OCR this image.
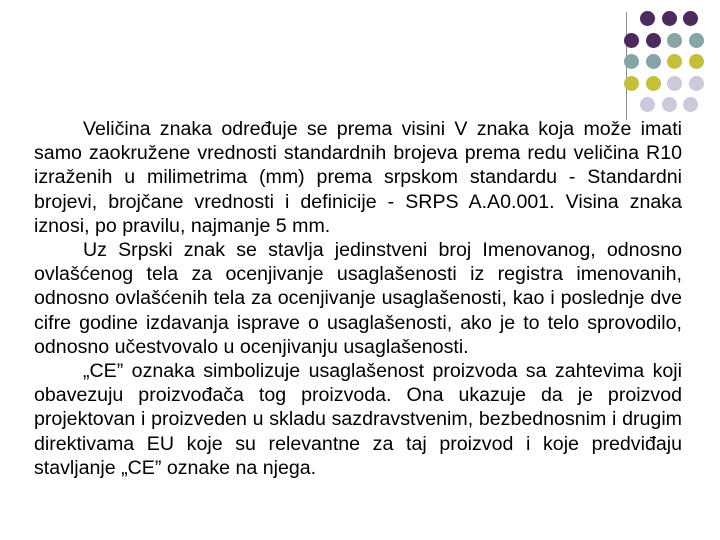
Veličina znaka određuje se prema visini V znaka koja može imati samo zaokružene vrednosti standardnih brojeva prema redu veličina R10 izraženih u milimetrima (mm) prema srpskom standardu - Standardni brojevi, brojčane vrednosti i definicije - SRPS A.A0.001. Visina znaka iznosi, po pravilu, najmanje 5 mm.

Uz Srpski znak se stavlja jedinstveni broj Imenovanog, odnosno ovlašćenog tela za ocenjivanje usaglašenosti iz registra imenovanih, odnosno ovlašćenih tela za ocenjivanje usaglašenosti, kao i poslednje dve cifre godine izdavanja isprave o usaglašenosti, ako je to telo sprovodilo, odnosno učestvovalo u ocenjivanju usaglašenosti.

„CE” oznaka simbolizuje usaglašenost proizvoda sa zahtevima koji obavezuju proizvođača tog proizvoda. Ona ukazuje da je proizvod projektovan i proizveden u skladu sazdravstvenim, bezbednosnim i drugim direktivama EU koje su relevantne za taj proizvod i koje predviđaju stavljanje „CE” oznake na njega.
